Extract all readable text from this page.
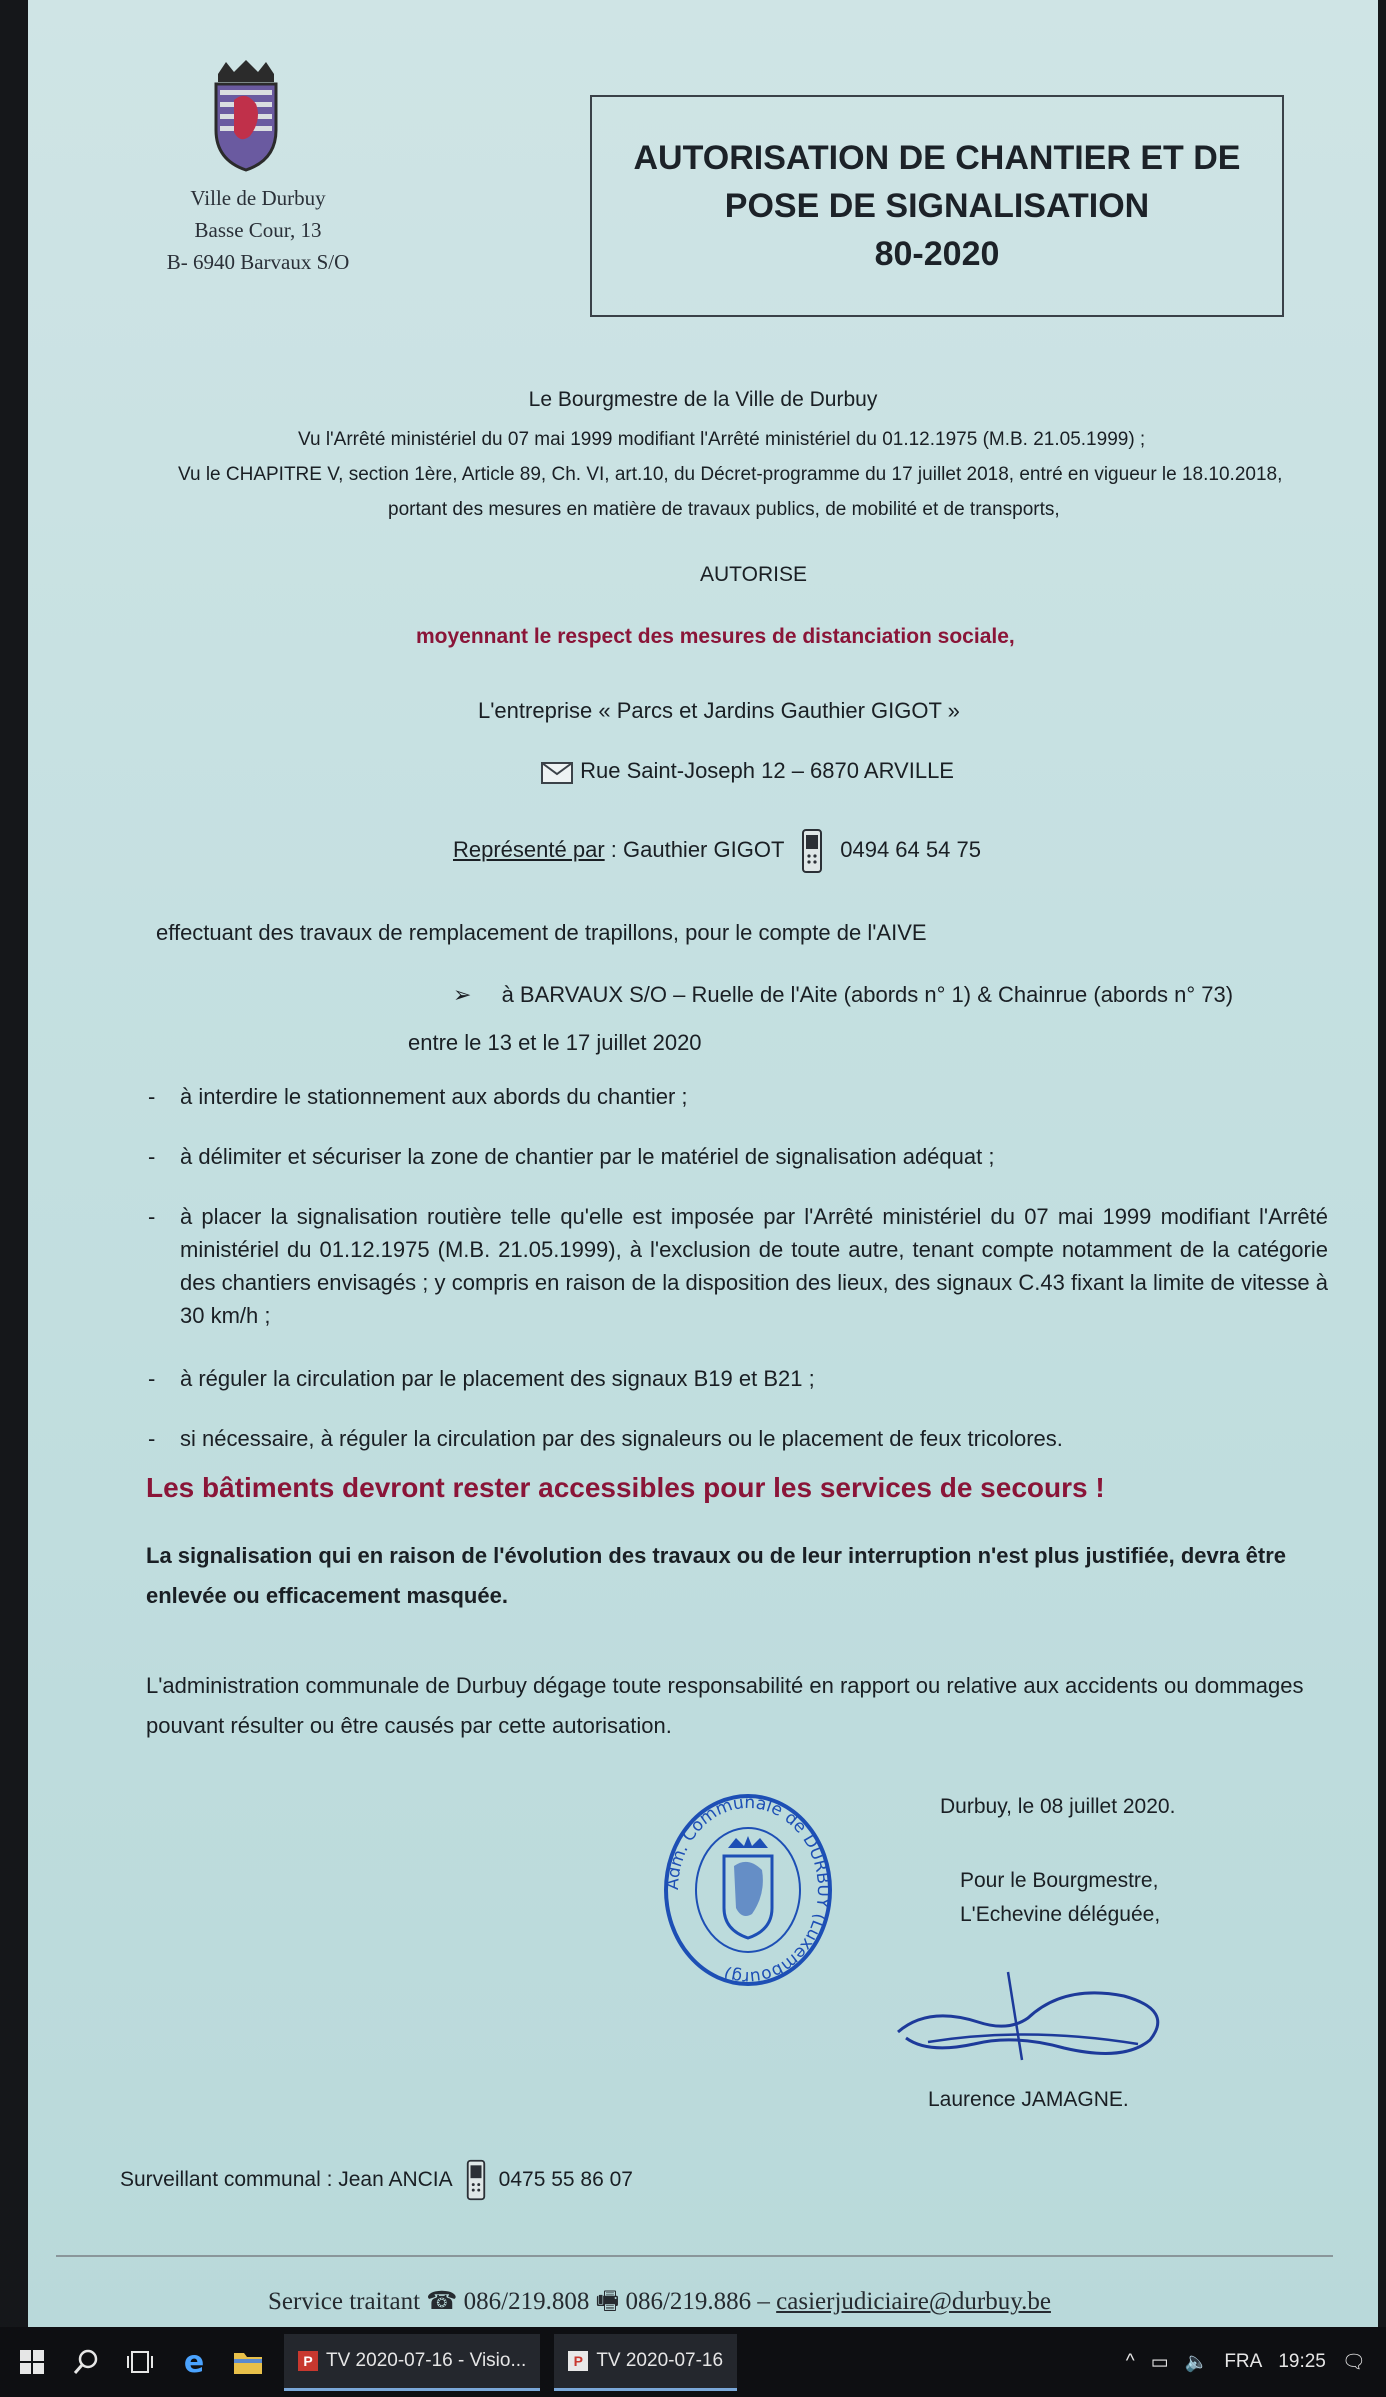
Ville de Durbuy
Basse Cour, 13
B- 6940 Barvaux S/O
AUTORISATION DE CHANTIER ET DE
POSE DE SIGNALISATION
80-2020
Le Bourgmestre de la Ville de Durbuy
Vu l'Arrêté ministériel du 07 mai 1999 modifiant l'Arrêté ministériel du 01.12.1975 (M.B. 21.05.1999) ;
Vu le CHAPITRE V, section 1ère, Article 89, Ch. VI, art.10, du Décret-programme du 17 juillet 2018, entré en vigueur le 18.10.2018,
portant des mesures en matière de travaux publics, de mobilité et de transports,
AUTORISE
moyennant le respect des mesures de distanciation sociale,
L'entreprise « Parcs et Jardins Gauthier GIGOT »
Rue Saint-Joseph 12 – 6870 ARVILLE
Représenté par : Gauthier GIGOT	0494 64 54 75
effectuant des travaux de remplacement de trapillons, pour le compte de l'AIVE
➢ à BARVAUX S/O – Ruelle de l'Aite (abords n° 1) & Chainrue (abords n° 73)
entre le 13 et le 17 juillet 2020
- à interdire le stationnement aux abords du chantier ;
- à délimiter et sécuriser la zone de chantier par le matériel de signalisation adéquat ;
- à placer la signalisation routière telle qu'elle est imposée par l'Arrêté ministériel du 07 mai 1999 modifiant l'Arrêté ministériel du 01.12.1975 (M.B. 21.05.1999), à l'exclusion de toute autre, tenant compte notamment de la catégorie des chantiers envisagés ; y compris en raison de la disposition des lieux, des signaux C.43 fixant la limite de vitesse à 30 km/h ;
- à réguler la circulation par le placement des signaux B19 et B21 ;
- si nécessaire, à réguler la circulation par des signaleurs ou le placement de feux tricolores.
Les bâtiments devront rester accessibles pour les services de secours !
La signalisation qui en raison de l'évolution des travaux ou de leur interruption n'est plus justifiée, devra être enlevée ou efficacement masquée.
L'administration communale de Durbuy dégage toute responsabilité en rapport ou relative aux accidents ou dommages pouvant résulter ou être causés par cette autorisation.
Adm. Communale de DURBUY (Luxembourg)
Durbuy, le 08 juillet 2020.
Pour le Bourgmestre,
L'Echevine déléguée,
Laurence JAMAGNE.
Surveillant communal : Jean ANCIA 0475 55 86 07
Service traitant ☎ 086/219.808 🖷 086/219.886 – casierjudiciaire@durbuy.be
e	P TV 2020-07-16 - Visio...	P TV 2020-07-16	^ ▭ 🔈 FRA 19:25 🗨
